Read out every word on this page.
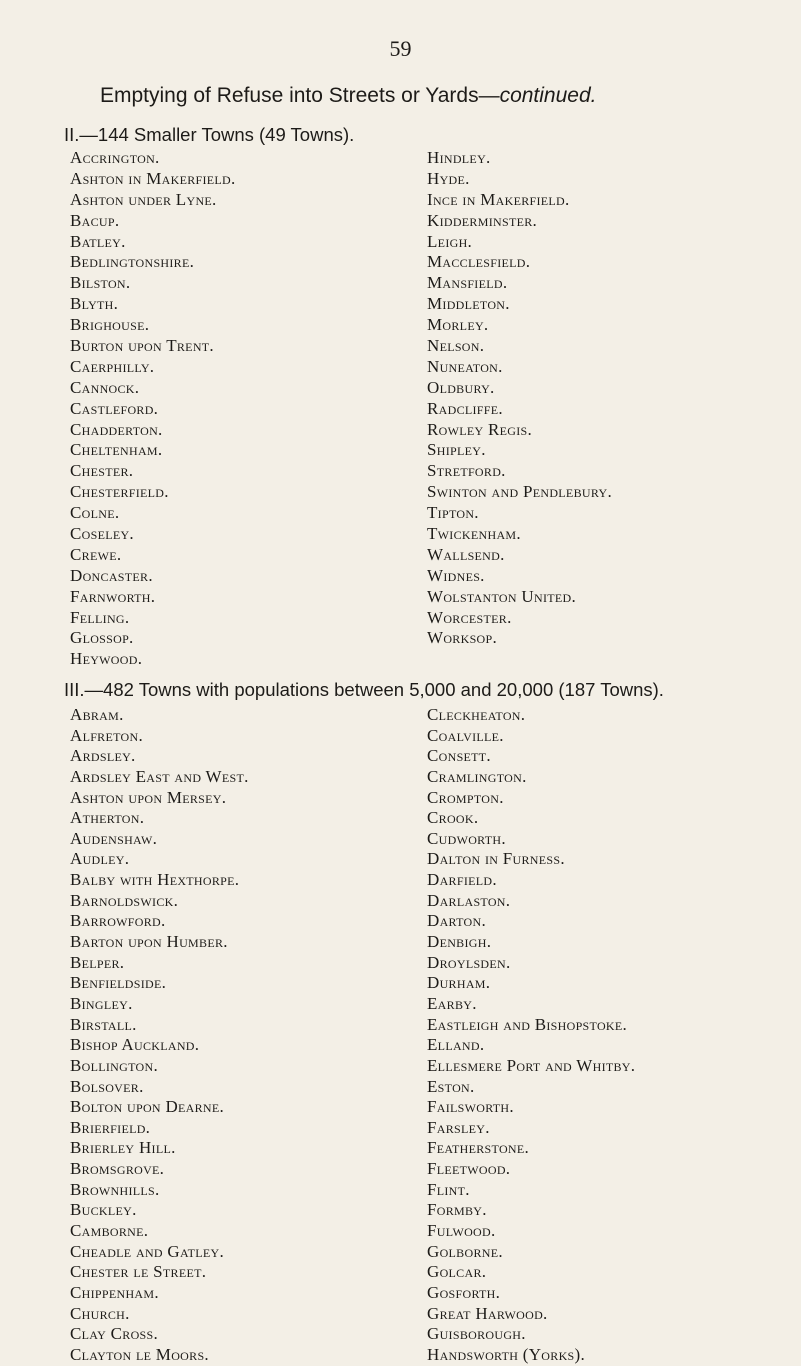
59
Emptying of Refuse into Streets or Yards—continued.
II.—144 Smaller Towns (49 Towns).
Accrington.
Ashton in Makerfield.
Ashton under Lyne.
Bacup.
Batley.
Bedlingtonshire.
Bilston.
Blyth.
Brighouse.
Burton upon Trent.
Caerphilly.
Cannock.
Castleford.
Chadderton.
Cheltenham.
Chester.
Chesterfield.
Colne.
Coseley.
Crewe.
Doncaster.
Farnworth.
Felling.
Glossop.
Heywood.
Hindley.
Hyde.
Ince in Makerfield.
Kidderminster.
Leigh.
Macclesfield.
Mansfield.
Middleton.
Morley.
Nelson.
Nuneaton.
Oldbury.
Radcliffe.
Rowley Regis.
Shipley.
Stretford.
Swinton and Pendlebury.
Tipton.
Twickenham.
Wallsend.
Widnes.
Wolstanton United.
Worcester.
Worksop.
III.—482 Towns with populations between 5,000 and 20,000 (187 Towns).
Abram.
Alfreton.
Ardsley.
Ardsley East and West.
Ashton upon Mersey.
Atherton.
Audenshaw.
Audley.
Balby with Hexthorpe.
Barnoldswick.
Barrowford.
Barton upon Humber.
Belper.
Benfieldside.
Bingley.
Birstall.
Bishop Auckland.
Bollington.
Bolsover.
Bolton upon Dearne.
Brierfield.
Brierley Hill.
Bromsgrove.
Brownhills.
Buckley.
Camborne.
Cheadle and Gatley.
Chester le Street.
Chippenham.
Church.
Clay Cross.
Clayton le Moors.
Cleckheaton.
Coalville.
Consett.
Cramlington.
Crompton.
Crook.
Cudworth.
Dalton in Furness.
Darfield.
Darlaston.
Darton.
Denbigh.
Droylsden.
Durham.
Earby.
Eastleigh and Bishopstoke.
Elland.
Ellesmere Port and Whitby.
Eston.
Failsworth.
Farsley.
Featherstone.
Fleetwood.
Flint.
Formby.
Fulwood.
Golborne.
Golcar.
Gosforth.
Great Harwood.
Guisborough.
Handsworth (Yorks).
